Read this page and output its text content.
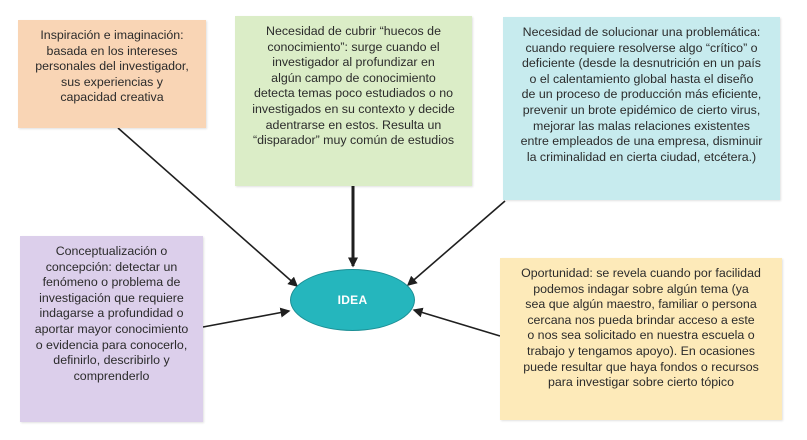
Inspiración e imaginación:
basada en los intereses
personales del investigador,
sus experiencias y
capacidad creativa
Necesidad de cubrir “huecos de
conocimiento”: surge cuando el
investigador al profundizar en
algún campo de conocimiento
detecta temas poco estudiados o no
investigados en su contexto y decide
adentrarse en estos. Resulta un
“disparador” muy común de estudios
Necesidad de solucionar una problemática:
cuando requiere resolverse algo “crítico” o
deficiente (desde la desnutrición en un país
o el calentamiento global hasta el diseño
de un proceso de producción más eficiente,
prevenir un brote epidémico de cierto virus,
mejorar las malas relaciones existentes
entre empleados de una empresa, disminuir
la criminalidad en cierta ciudad, etcétera.)
Conceptualización o
concepción: detectar un
fenómeno o problema de
investigación que requiere
indagarse a profundidad o
aportar mayor conocimiento
o evidencia para conocerlo,
definirlo, describirlo y
comprenderlo
Oportunidad: se revela cuando por facilidad
podemos indagar sobre algún tema (ya
sea que algún maestro, familiar o persona
cercana nos pueda brindar acceso a este
o nos sea solicitado en nuestra escuela o
trabajo y tengamos apoyo). En ocasiones
puede resultar que haya fondos o recursos
para investigar sobre cierto tópico
IDEA
